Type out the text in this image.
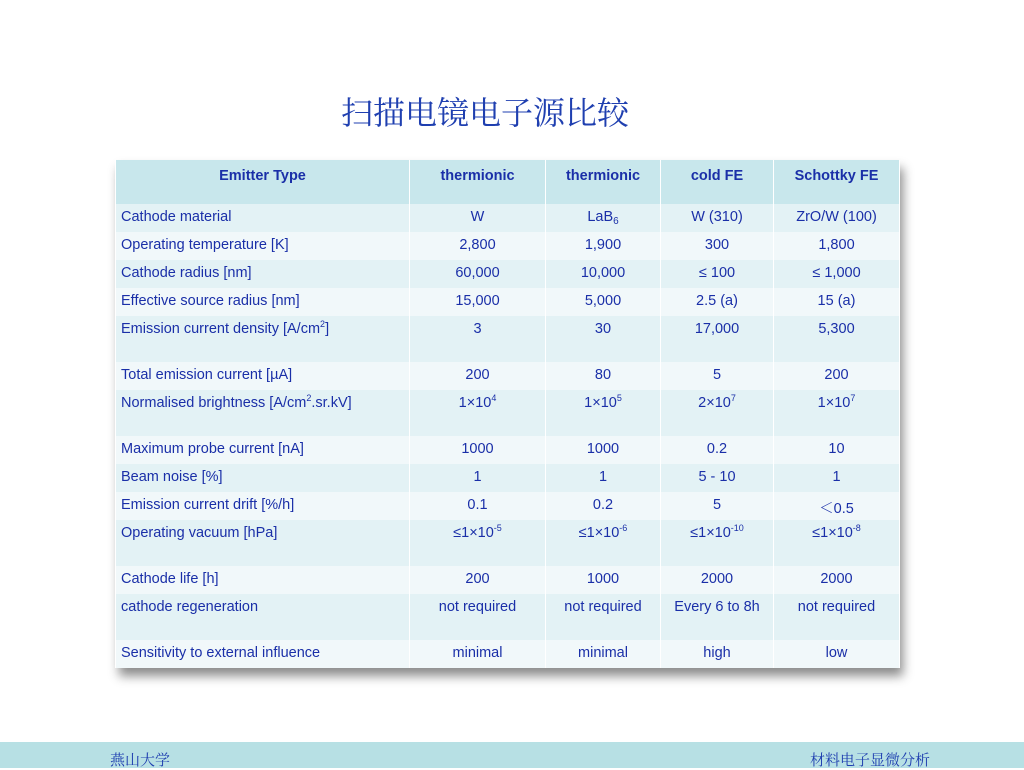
扫描电镜电子源比较
Emitter Type	thermionic	thermionic	cold FE	Schottky FE
Cathode material	W	LaB$_6$	W (310)	ZrO/W (100)
Operating temperature [K]	2,800	1,900	300	1,800
Cathode radius [nm]	60,000	10,000	≤ 100	≤ 1,000
Effective source radius [nm]	15,000	5,000	2.5 (a)	15 (a)
Emission current density $[A/cm^2]$	3	30	17,000	5,300
Total emission current [µA]	200	80	5	200
Normalised brightness $[A/cm^2.sr.kV]$	$1\times 10^4$	$1\times 10^5$	$2\times 10^7$	$1\times 10^7$
Maximum probe current [nA]	1000	1000	0.2	10
Beam noise [%]	1	1	5 - 10	1
Emission current drift [%/h]	0.1	0.2	5	＜0.5
Operating vacuum [hPa]	$\le 1\times 10^{-5}$	$\le 1\times 10^{-6}$	$\le 1\times 10^{-10}$	$\le 1\times 10^{-8}$
Cathode life [h]	200	1000	2000	2000
cathode regeneration	not required	not required	Every 6 to 8h	not required
Sensitivity to external influence	minimal	minimal	high	low
燕山大学	材料电子显微分析
